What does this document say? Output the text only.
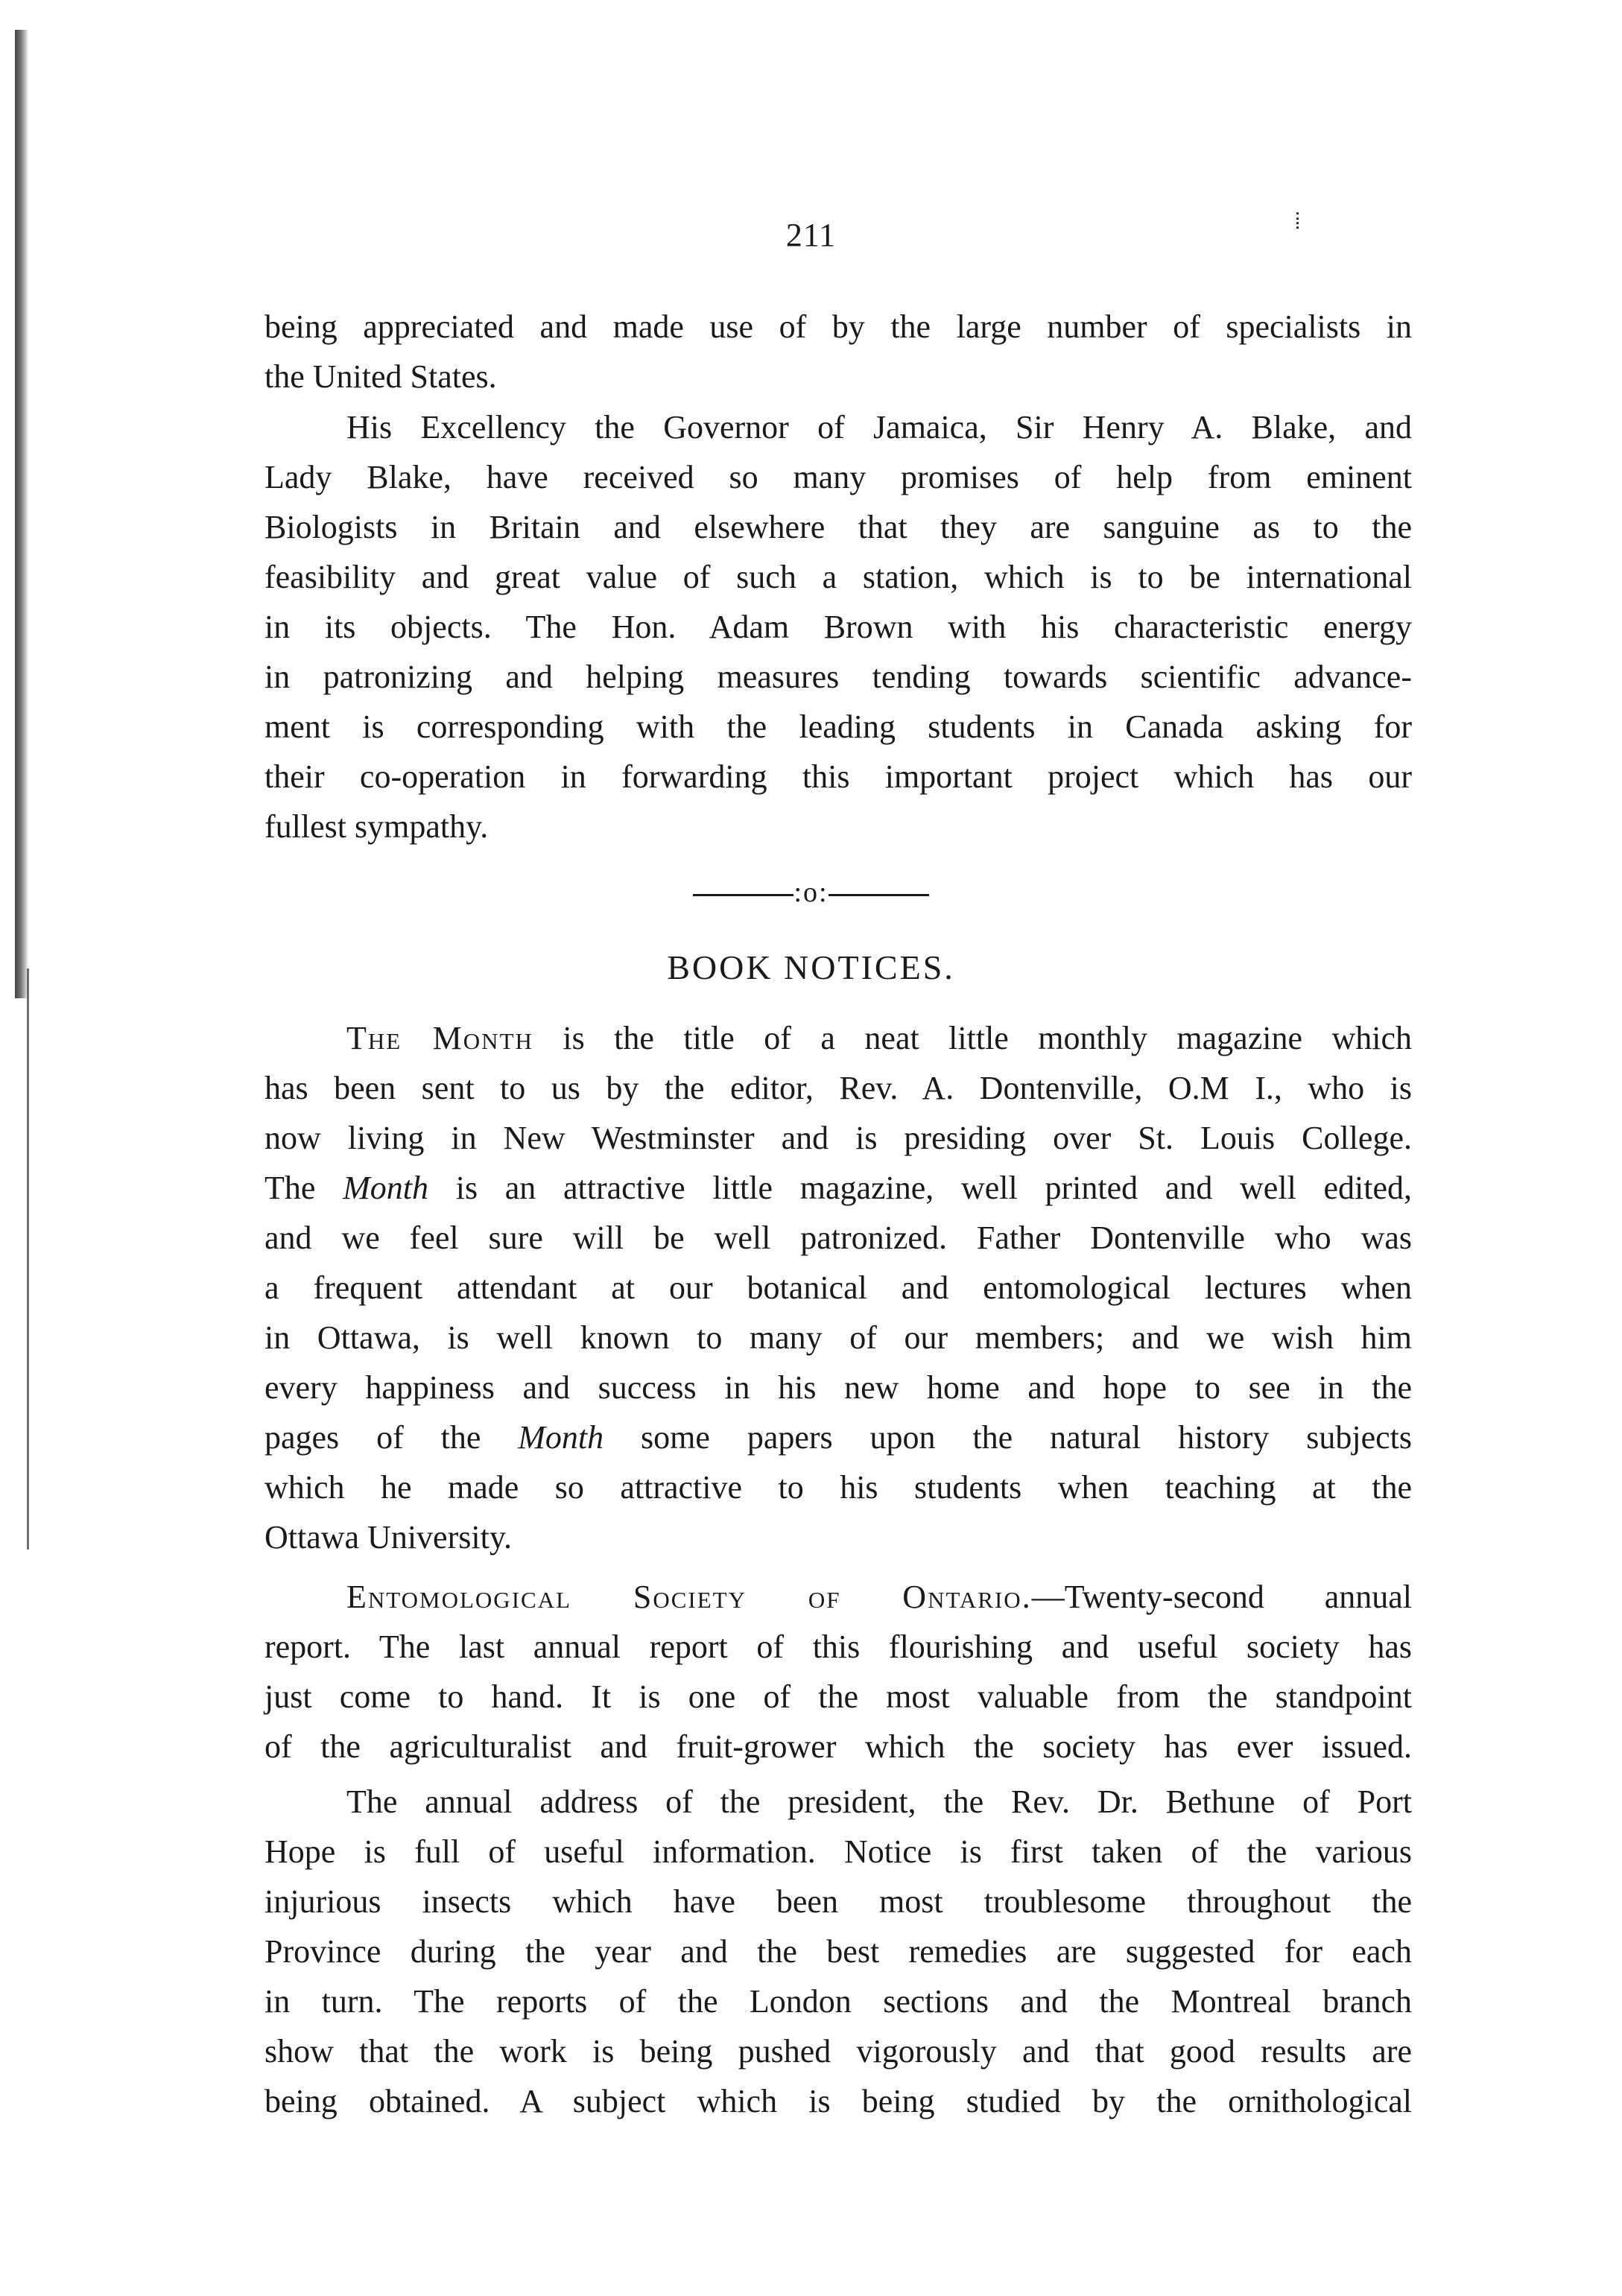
211
being appreciated and made use of by the large number of specialists in
the United States.
His Excellency the Governor of Jamaica, Sir Henry A. Blake, and
Lady Blake, have received so many promises of help from eminent
Biologists in Britain and elsewhere that they are sanguine as to the
feasibility and great value of such a station, which is to be international
in its objects. The Hon. Adam Brown with his characteristic energy
in patronizing and helping measures tending towards scientific advance-
ment is corresponding with the leading students in Canada asking for
their co-operation in forwarding this important project which has our
fullest sympathy.
:o:
BOOK NOTICES.
The Month is the title of a neat little monthly magazine which
has been sent to us by the editor, Rev. A. Dontenville, O.M I., who is
now living in New Westminster and is presiding over St. Louis College.
The Month is an attractive little magazine, well printed and well edited,
and we feel sure will be well patronized. Father Dontenville who was
a frequent attendant at our botanical and entomological lectures when
in Ottawa, is well known to many of our members; and we wish him
every happiness and success in his new home and hope to see in the
pages of the Month some papers upon the natural history subjects
which he made so attractive to his students when teaching at the
Ottawa University.
Entomological Society of Ontario.—Twenty-second annual
report. The last annual report of this flourishing and useful society has
just come to hand. It is one of the most valuable from the standpoint
of the agriculturalist and fruit-grower which the society has ever issued.
The annual address of the president, the Rev. Dr. Bethune of Port
Hope is full of useful information. Notice is first taken of the various
injurious insects which have been most troublesome throughout the
Province during the year and the best remedies are suggested for each
in turn. The reports of the London sections and the Montreal branch
show that the work is being pushed vigorously and that good results are
being obtained. A subject which is being studied by the ornithological
